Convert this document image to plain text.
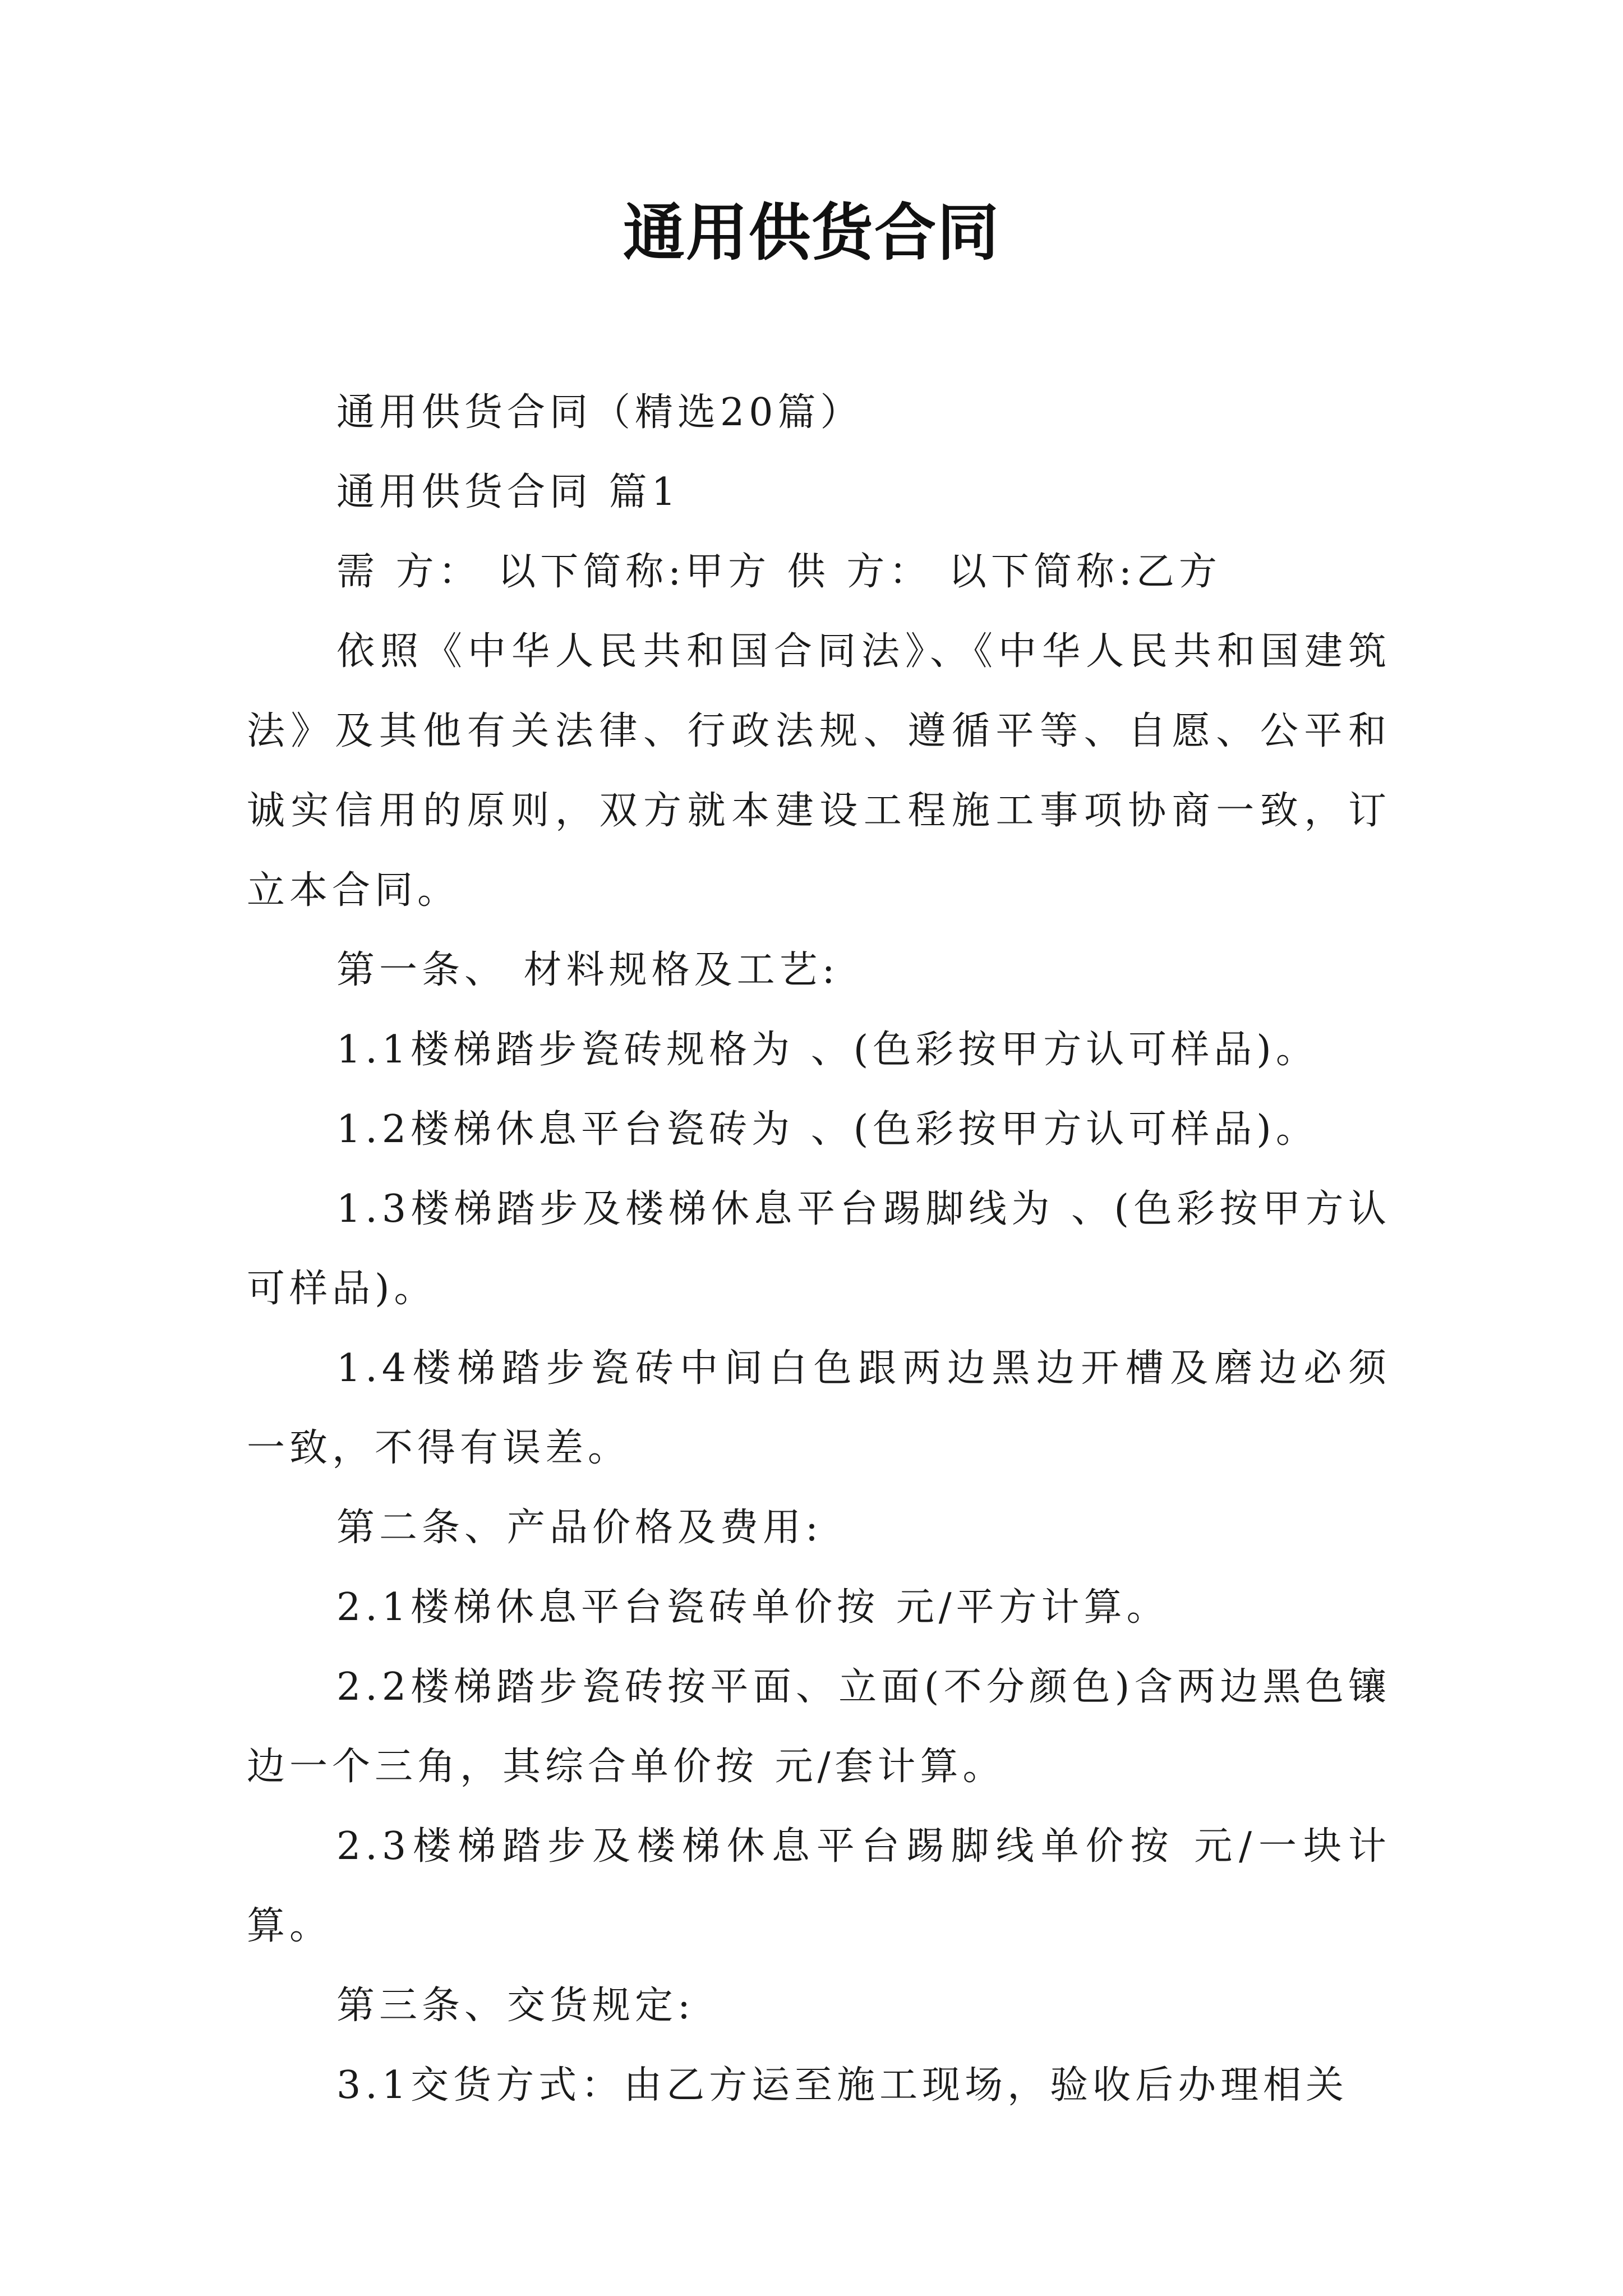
通用供货合同

通用供货合同（精选20篇）

通用供货合同 篇1

需 方： 以下简称:甲方 供 方： 以下简称:乙方

依照《中华人民共和国合同法》、《中华人民共和国建筑法》及其他有关法律、行政法规、遵循平等、自愿、公平和诚实信用的原则，双方就本建设工程施工事项协商一致，订立本合同。

第一条、 材料规格及工艺:

1.1楼梯踏步瓷砖规格为 、(色彩按甲方认可样品)。

1.2楼梯休息平台瓷砖为 、(色彩按甲方认可样品)。

1.3楼梯踏步及楼梯休息平台踢脚线为 、(色彩按甲方认可样品)。

1.4楼梯踏步瓷砖中间白色跟两边黑边开槽及磨边必须一致，不得有误差。

第二条、产品价格及费用:

2.1楼梯休息平台瓷砖单价按 元/平方计算。

2.2楼梯踏步瓷砖按平面、立面(不分颜色)含两边黑色镶边一个三角，其综合单价按 元/套计算。

2.3楼梯踏步及楼梯休息平台踢脚线单价按 元/一块计算。

第三条、交货规定:

3.1交货方式：由乙方运至施工现场，验收后办理相关
